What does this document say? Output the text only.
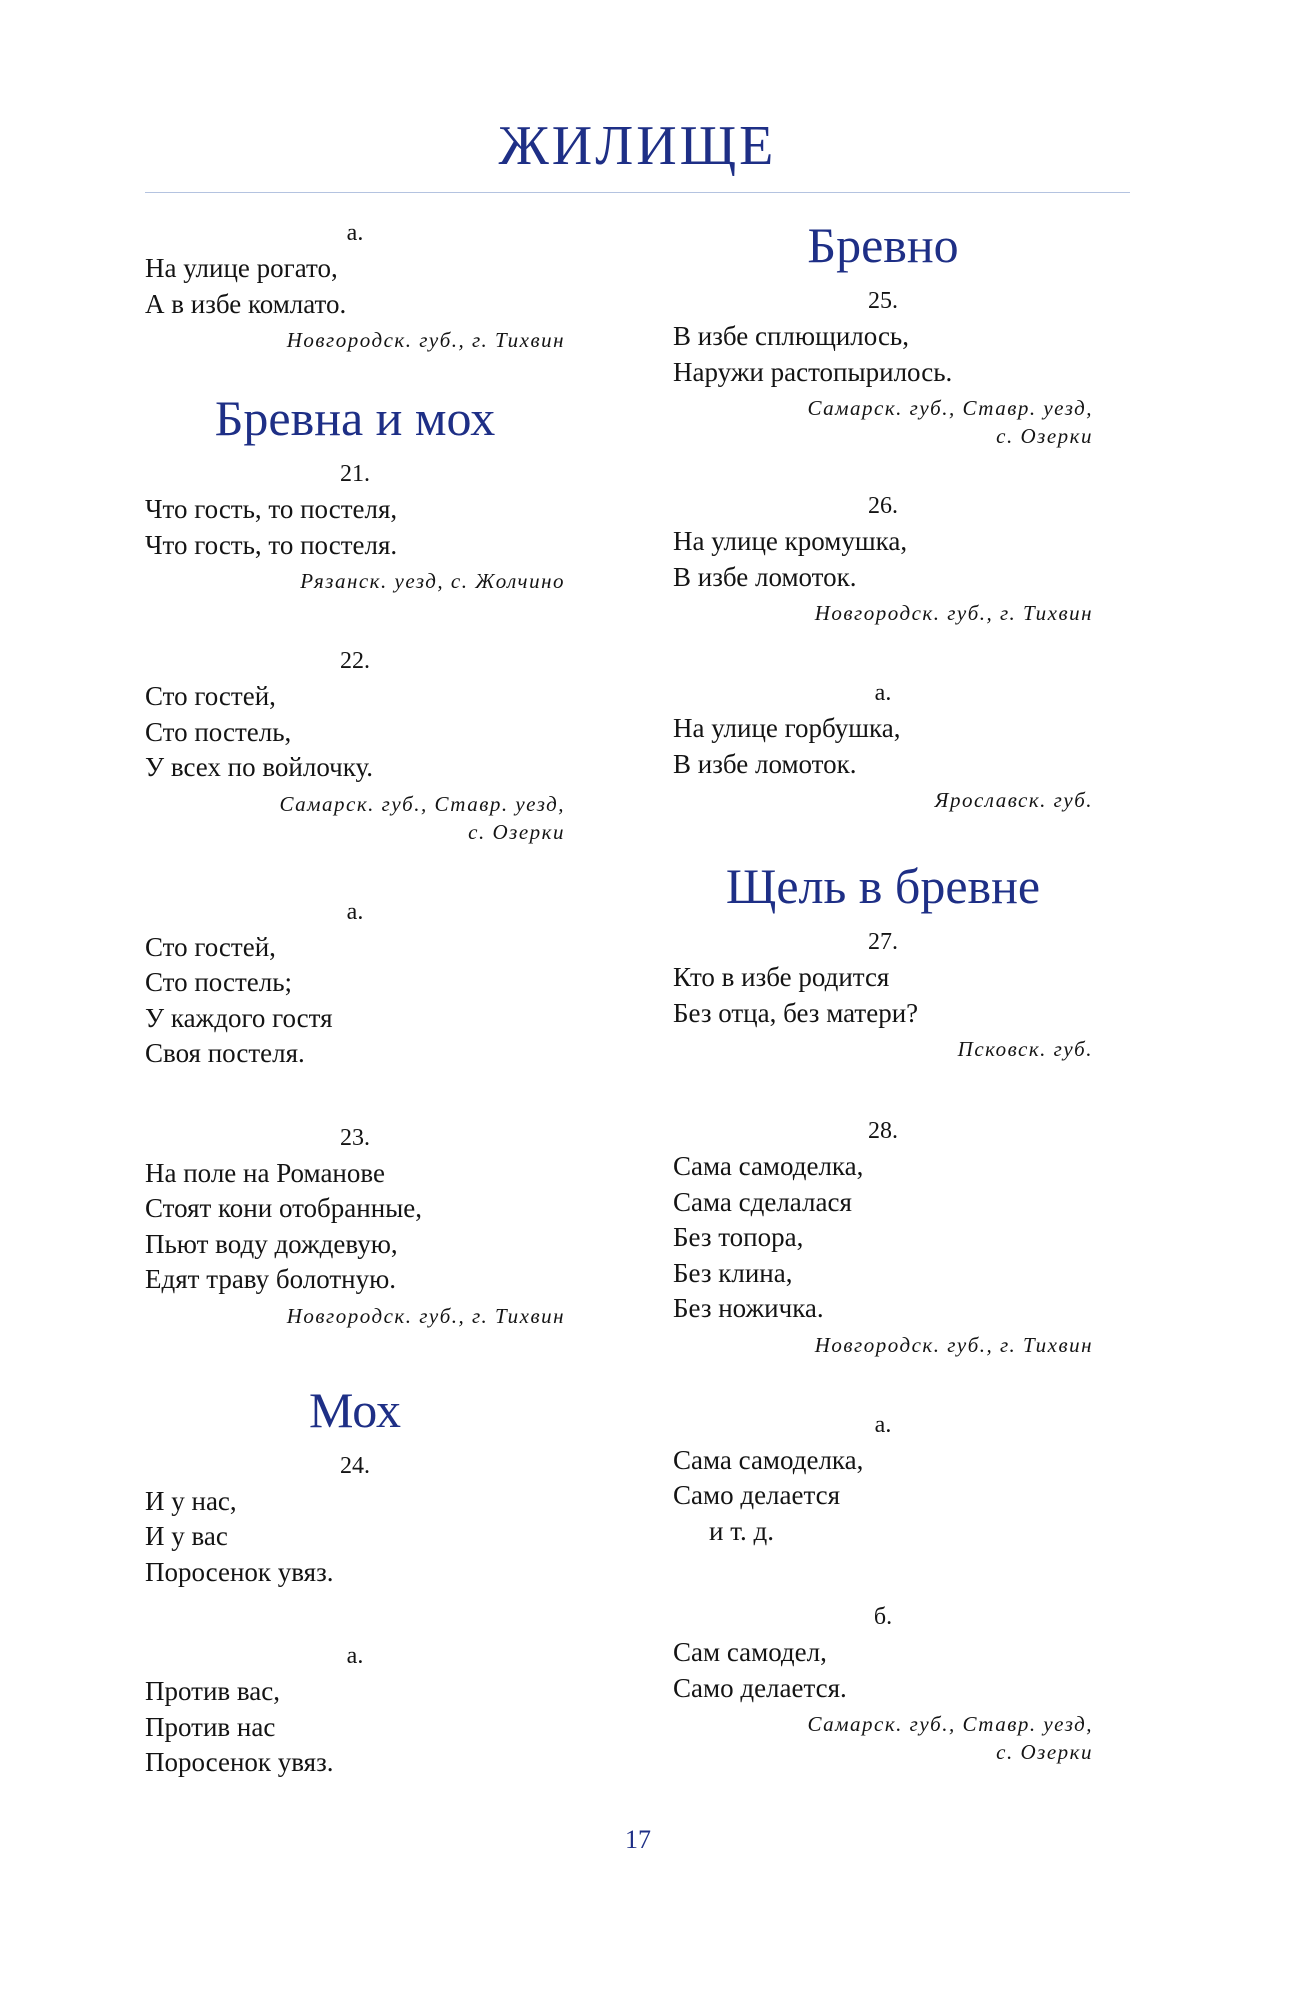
ЖИЛИЩЕ
а.
На улице рогато,
А в избе комлато.
Новгородск. губ., г. Тихвин
Бревна и мох
21.
Что гость, то постеля,
Что гость, то постеля.
Рязанск. уезд, с. Жолчино
22.
Сто гостей,
Сто постель,
У всех по войлочку.
Самарск. губ., Ставр. уезд,
с. Озерки
а.
Сто гостей,
Сто постель;
У каждого гостя
Своя постеля.
23.
На поле на Романове
Стоят кони отобранные,
Пьют воду дождевую,
Едят траву болотную.
Новгородск. губ., г. Тихвин
Мох
24.
И у нас,
И у вас
Поросенок увяз.
а.
Против вас,
Против нас
Поросенок увяз.
Бревно
25.
В избе сплющилось,
Наружи растопырилось.
Самарск. губ., Ставр. уезд,
с. Озерки
26.
На улице кромушка,
В избе ломоток.
Новгородск. губ., г. Тихвин
а.
На улице горбушка,
В избе ломоток.
Ярославск. губ.
Щель в бревне
27.
Кто в избе родится
Без отца, без матери?
Псковск. губ.
28.
Сама самоделка,
Сама сделалася
Без топора,
Без клина,
Без ножичка.
Новгородск. губ., г. Тихвин
а.
Сама самоделка,
Само делается
и т. д.
б.
Сам самодел,
Само делается.
Самарск. губ., Ставр. уезд,
с. Озерки
17
